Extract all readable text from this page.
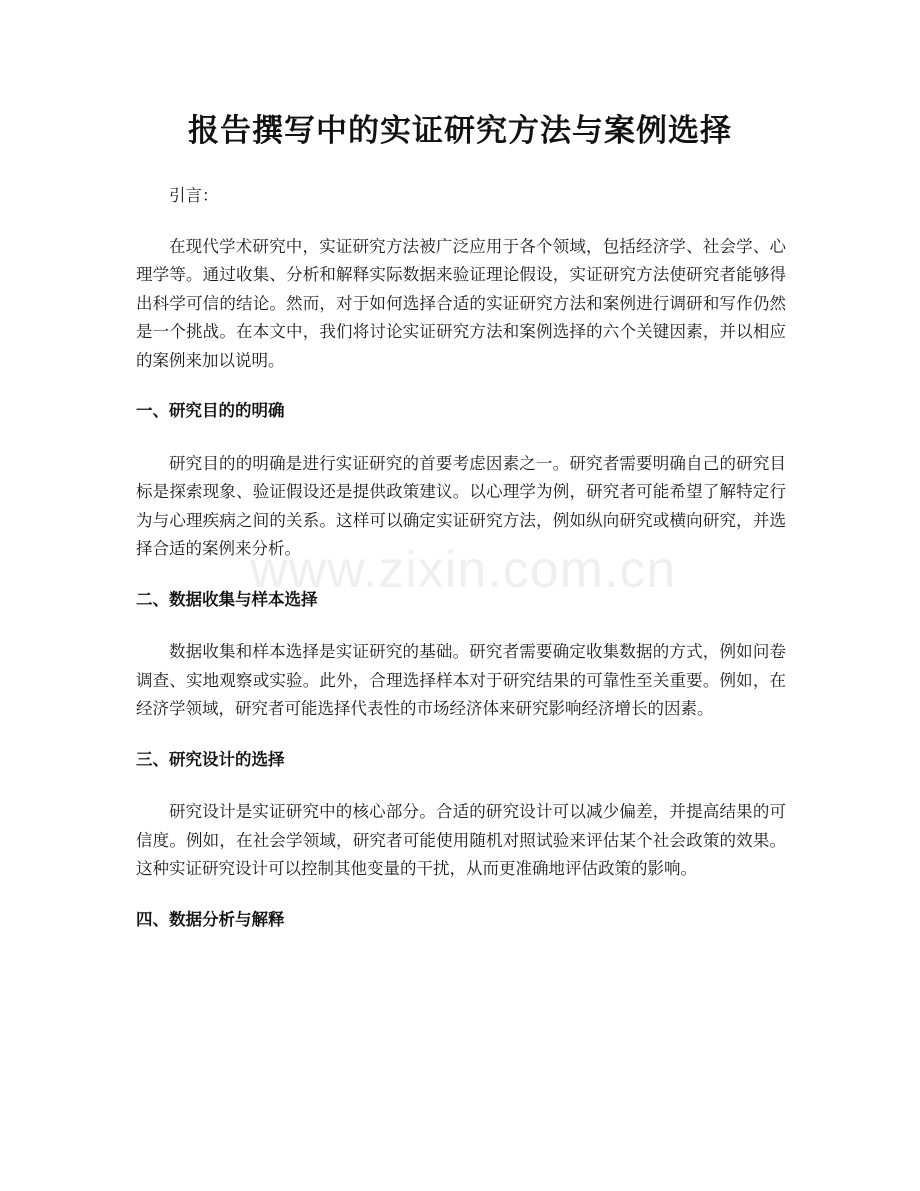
报告撰写中的实证研究方法与案例选择

引言：

在现代学术研究中，实证研究方法被广泛应用于各个领域，包括经济学、社会学、心理学等。通过收集、分析和解释实际数据来验证理论假设，实证研究方法使研究者能够得出科学可信的结论。然而，对于如何选择合适的实证研究方法和案例进行调研和写作仍然是一个挑战。在本文中，我们将讨论实证研究方法和案例选择的六个关键因素，并以相应的案例来加以说明。

一、研究目的的明确

研究目的的明确是进行实证研究的首要考虑因素之一。研究者需要明确自己的研究目标是探索现象、验证假设还是提供政策建议。以心理学为例，研究者可能希望了解特定行为与心理疾病之间的关系。这样可以确定实证研究方法，例如纵向研究或横向研究，并选择合适的案例来分析。

二、数据收集与样本选择

数据收集和样本选择是实证研究的基础。研究者需要确定收集数据的方式，例如问卷调查、实地观察或实验。此外，合理选择样本对于研究结果的可靠性至关重要。例如，在经济学领域，研究者可能选择代表性的市场经济体来研究影响经济增长的因素。

三、研究设计的选择

研究设计是实证研究中的核心部分。合适的研究设计可以减少偏差，并提高结果的可信度。例如，在社会学领域，研究者可能使用随机对照试验来评估某个社会政策的效果。这种实证研究设计可以控制其他变量的干扰，从而更准确地评估政策的影响。

四、数据分析与解释

www.zixin.com.cn
